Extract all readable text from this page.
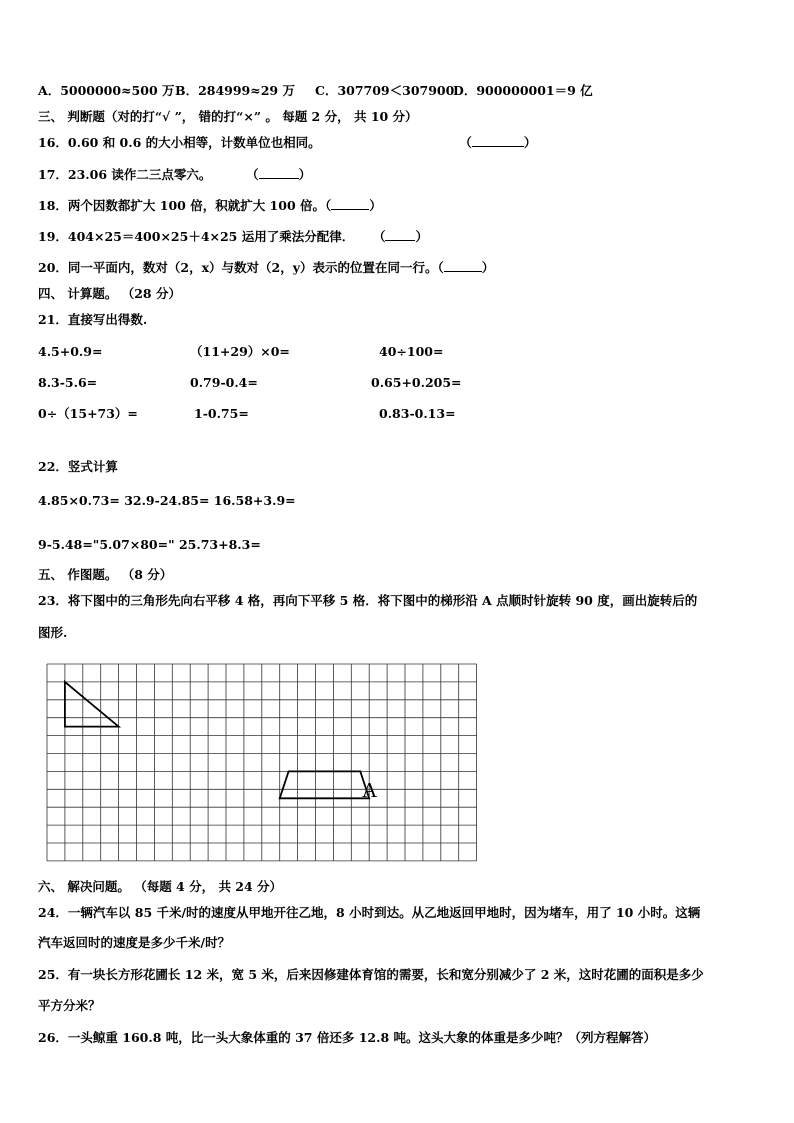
A．5000000≈500 万 B．284999≈29 万 C．307709＜307900
D．900000001＝9 亿
三、 判断题（对的打“√ ”， 错的打“×” 。 每题 2 分， 共 10 分）
16．0.60 和 0.6 的大小相等，计数单位也相同。	（	）
17．23.06 读作二三点零六。	（	）
18．两个因数都扩大 100 倍，积就扩大 100 倍。（	）
19．404×25＝400×25＋4×25 运用了乘法分配律． （ ）
20．同一平面内，数对（2，x）与数对（2，y）表示的位置在同一行。（	）
四、 计算题。 （28 分）
21．直接写出得数.
4.5+0.9=	（11+29）×0=	40÷100=
8.3-5.6=	0.79-0.4=	0.65+0.205=
0÷（15+73）=	1-0.75=	0.83-0.13=
22．竖式计算
4.85×0.73= 32.9-24.85= 16.58+3.9=
9-5.48="5.07×80=" 25.73+8.3=
五、 作图题。 （8 分）
23．将下图中的三角形先向右平移 4 格，再向下平移 5 格．将下图中的梯形沿 A 点顺时针旋转 90 度，画出旋转后的
图形.
A
六、 解决问题。 （每题 4 分， 共 24 分）
24．一辆汽车以 85 千米/时的速度从甲地开往乙地，8 小时到达。从乙地返回甲地时，因为堵车，用了 10 小时。这辆
汽车返回时的速度是多少千米/时？
25．有一块长方形花圃长 12 米，宽 5 米，后来因修建体育馆的需要，长和宽分别减少了 2 米，这时花圃的面积是多少
平方分米？
26．一头鲸重 160.8 吨，比一头大象体重的 37 倍还多 12.8 吨。这头大象的体重是多少吨？（列方程解答）
